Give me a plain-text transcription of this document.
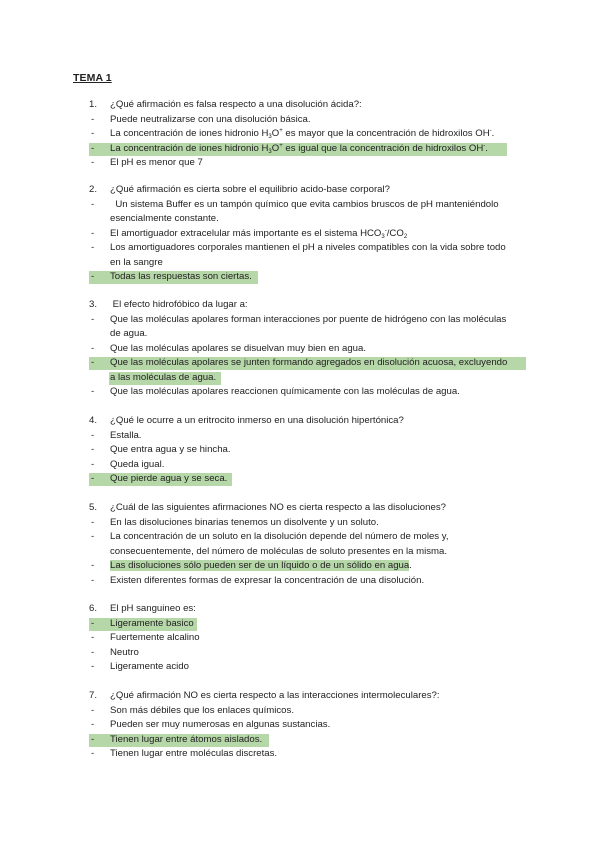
TEMA 1
1. ¿Qué afirmación es falsa respecto a una disolución ácida?:
- Puede neutralizarse con una disolución básica.
- La concentración de iones hidronio $H_3O^+$ es mayor que la concentración de hidroxilos OH-.
- La concentración de iones hidronio $H_3O^+$ es igual que la concentración de hidroxilos OH-.
- El pH es menor que 7
2. ¿Qué afirmación es cierta sobre el equilibrio acido-base corporal?
- Un sistema Buffer es un tampón químico que evita cambios bruscos de pH manteniéndolo
esencialmente constante.
- El amortiguador extracelular más importante es el sistema $HCO_3^-/CO_2$
- Los amortiguadores corporales mantienen el pH a niveles compatibles con la vida sobre todo
en la sangre
- Todas las respuestas son ciertas.
3. El efecto hidrofóbico da lugar a:
- Que las moléculas apolares forman interacciones por puente de hidrógeno con las moléculas
de agua.
- Que las moléculas apolares se disuelvan muy bien en agua.
- Que las moléculas apolares se junten formando agregados en disolución acuosa, excluyendo
a las moléculas de agua.
- Que las moléculas apolares reaccionen químicamente con las moléculas de agua.
4. ¿Qué le ocurre a un eritrocito inmerso en una disolución hipertónica?
- Estalla.
- Que entra agua y se hincha.
- Queda igual.
- Que pierde agua y se seca.
5. ¿Cuál de las siguientes afirmaciones NO es cierta respecto a las disoluciones?
- En las disoluciones binarias tenemos un disolvente y un soluto.
- La concentración de un soluto en la disolución depende del número de moles y,
consecuentemente, del número de moléculas de soluto presentes en la misma.
- Las disoluciones sólo pueden ser de un líquido o de un sólido en agua.
- Existen diferentes formas de expresar la concentración de una disolución.
6. El pH sanguineo es:
- Ligeramente basico
- Fuertemente alcalino
- Neutro
- Ligeramente acido
7. ¿Qué afirmación NO es cierta respecto a las interacciones intermoleculares?:
- Son más débiles que los enlaces químicos.
- Pueden ser muy numerosas en algunas sustancias.
- Tienen lugar entre átomos aislados.
- Tienen lugar entre moléculas discretas.
